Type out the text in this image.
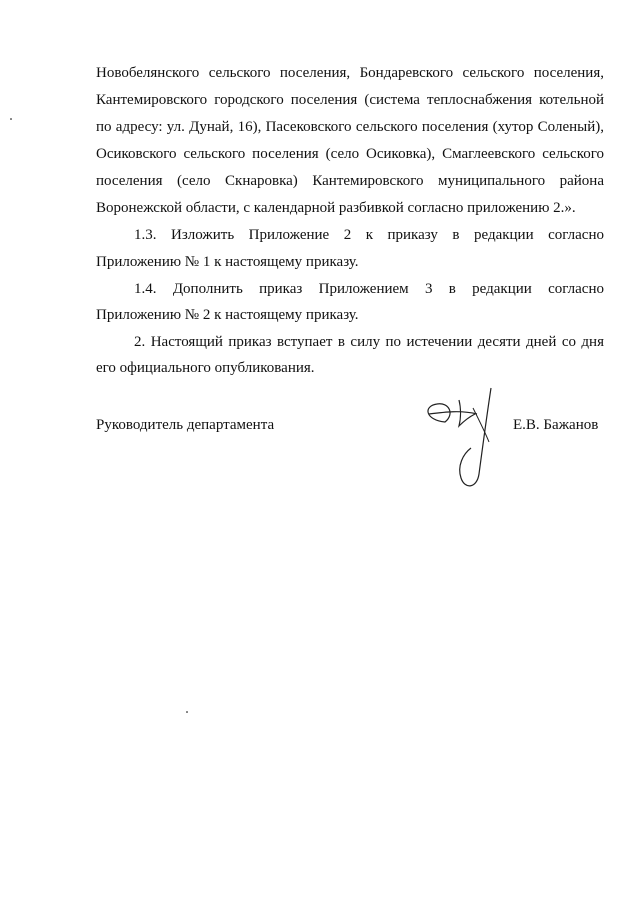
Новобелянского сельского поселения, Бондаревского сельского поселения,
Кантемировского городского поселения (система теплоснабжения котельной
по адресу: ул. Дунай, 16), Пасековского сельского поселения (хутор Соленый),
Осиковского сельского поселения (село Осиковка), Смаглеевского сельского
поселения (село Скнаровка) Кантемировского муниципального района
Воронежской области, с календарной разбивкой согласно приложению 2.».
1.3. Изложить Приложение 2 к приказу в редакции согласно
Приложению № 1 к настоящему приказу.
1.4. Дополнить приказ Приложением 3 в редакции согласно
Приложению № 2 к настоящему приказу.
2. Настоящий приказ вступает в силу по истечении десяти дней со дня
его официального опубликования.
Руководитель департамента	Е.В. Бажанов
